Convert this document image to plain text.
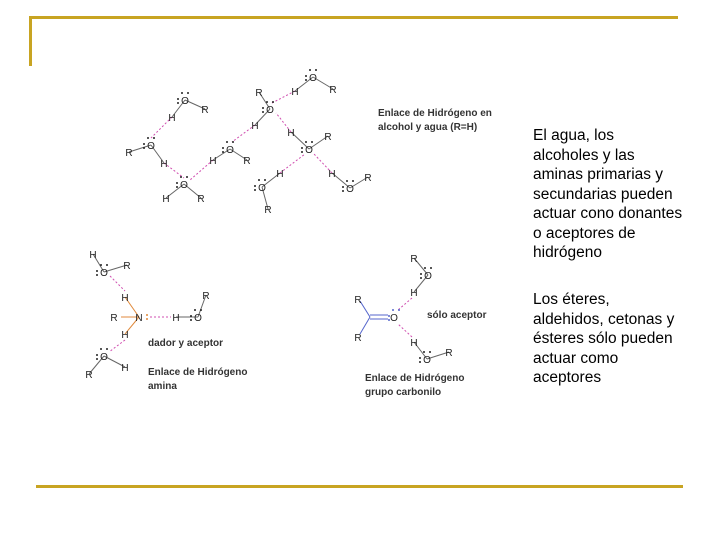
O
R
H
O
R
H
O
R
H
O
R
H
O
R
H
O
R
H
O
R
H
O
R
H
O
R
H
O
H
R
O
R
H
O
R
H
N
H
R
H
R
R
O
O
R
H
O
R
H
Enlace de Hidrógeno en
alcohol y agua (R=H)
dador y aceptor
Enlace de Hidrógeno
amina
sólo aceptor
Enlace de Hidrógeno
grupo carbonilo
El agua, los alcoholes y las aminas primarias y secundarias pueden actuar cono donantes o aceptores de hidrógeno
Los éteres, aldehidos, cetonas y ésteres sólo pueden actuar como aceptores
